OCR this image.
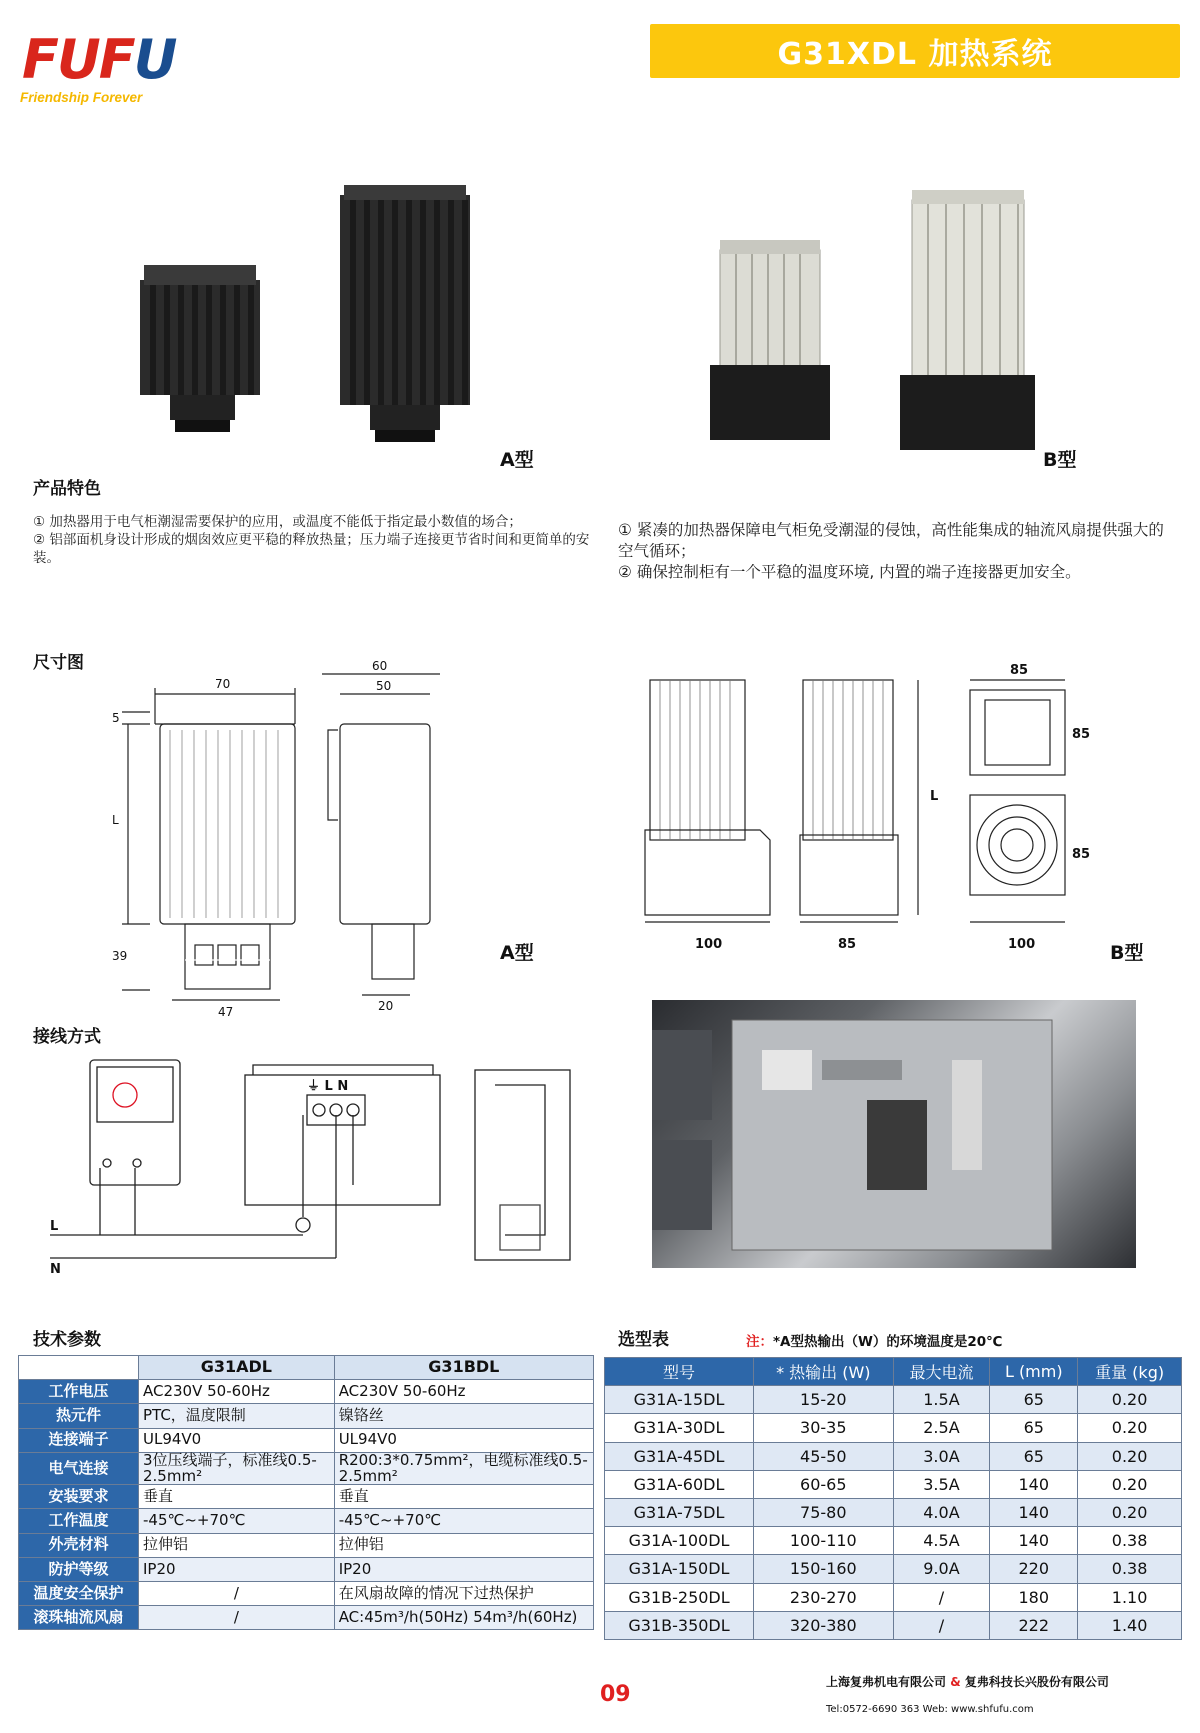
FUFU
Friendship Forever
G31XDL 加热系统
A型	B型
产品特色
① 加热器用于电气柜潮湿需要保护的应用，或温度不能低于指定最小数值的场合；
② 铝部面机身设计形成的烟囱效应更平稳的释放热量；压力端子连接更节省时间和更简单的安装。
① 紧凑的加热器保障电气柜免受潮湿的侵蚀，高性能集成的轴流风扇提供强大的空气循环；
② 确保控制柜有一个平稳的温度环境, 内置的端子连接器更加安全。
尺寸图
70
5
L
39
47
60
50
20
A型	100	85
L
85
85
100
85
B型
接线方式
⏚ L N
L
N
技术参数
	G31ADL	G31BDL
工作电压	AC230V 50-60Hz	AC230V 50-60Hz
热元件	PTC，温度限制	镍铬丝
连接端子	UL94V0	UL94V0
电气连接	3位压线端子，标准线0.5-2.5mm²	R200:3*0.75mm²，电缆标准线0.5-2.5mm²
安装要求	垂直	垂直
工作温度	-45℃~+70℃	-45℃~+70℃
外壳材料	拉伸铝	拉伸铝
防护等级	IP20	IP20
温度安全保护	/	在风扇故障的情况下过热保护
滚珠轴流风扇	/	AC:45m³/h(50Hz) 54m³/h(60Hz)
选型表	注：*A型热输出（W）的环境温度是20℃
型号	* 热输出 (W)	最大电流	L (mm)	重量 (kg)
G31A-15DL	15-20	1.5A	65	0.20
G31A-30DL	30-35	2.5A	65	0.20
G31A-45DL	45-50	3.0A	65	0.20
G31A-60DL	60-65	3.5A	140	0.20
G31A-75DL	75-80	4.0A	140	0.20
G31A-100DL	100-110	4.5A	140	0.38
G31A-150DL	150-160	9.0A	220	0.38
G31B-250DL	230-270	/	180	1.10
G31B-350DL	320-380	/	222	1.40
09	上海复弗机电有限公司 & 复弗科技长兴股份有限公司
Tel:0572-6690 363 Web: www.shfufu.com
